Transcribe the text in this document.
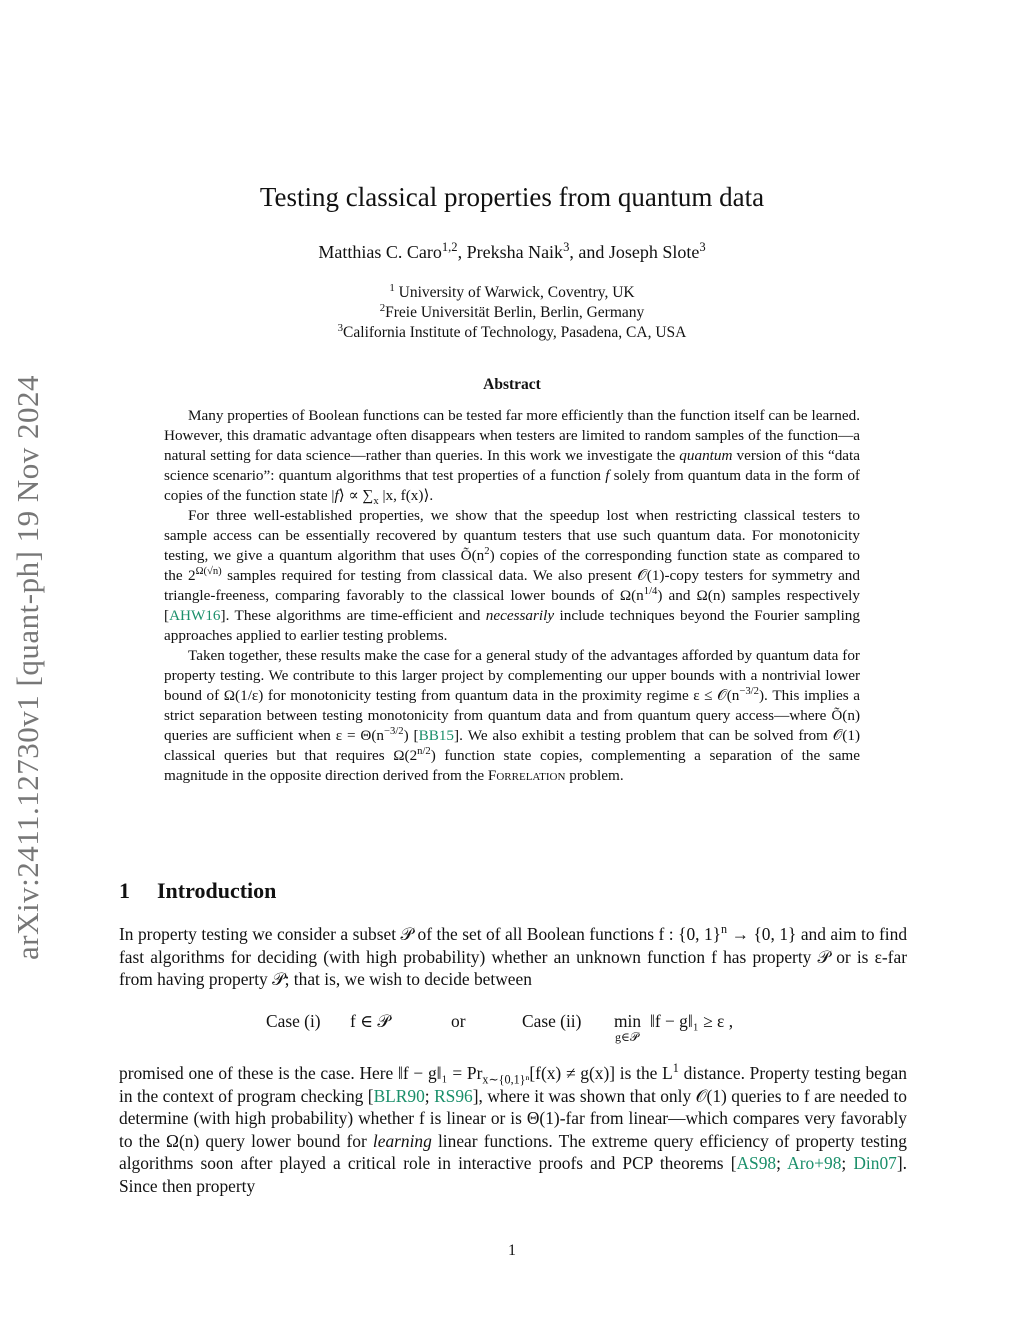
arXiv:2411.12730v1 [quant-ph] 19 Nov 2024
Testing classical properties from quantum data
Matthias C. Caro$^{1,2}$, Preksha Naik$^3$, and Joseph Slote$^3$
$^1$ University of Warwick, Coventry, UK
$^2$Freie Universität Berlin, Berlin, Germany
$^3$California Institute of Technology, Pasadena, CA, USA
Abstract

Many properties of Boolean functions can be tested far more efficiently than the function itself can be learned. However, this dramatic advantage often disappears when testers are limited to random samples of the function—a natural setting for data science—rather than queries. In this work we investigate the quantum version of this “data science scenario”: quantum algorithms that test properties of a function f solely from quantum data in the form of copies of the function state |f⟩ ∝ $\sum_x$ |x, f(x)⟩.

For three well-established properties, we show that the speedup lost when restricting classical testers to sample access can be essentially recovered by quantum testers that use such quantum data. For monotonicity testing, we give a quantum algorithm that uses $Õ(n^2)$ copies of the corresponding function state as compared to the $2^{\Omega(√n)}$ samples required for testing from classical data. We also present 𝒪(1)-copy testers for symmetry and triangle-freeness, comparing favorably to the classical lower bounds of $\Omega(n^{1/4})$ and Ω(n) samples respectively [AHW16]. These algorithms are time-efficient and necessarily include techniques beyond the Fourier sampling approaches applied to earlier testing problems.

Taken together, these results make the case for a general study of the advantages afforded by quantum data for property testing. We contribute to this larger project by complementing our upper bounds with a nontrivial lower bound of Ω(1/ε) for monotonicity testing from quantum data in the proximity regime $\varepsilon \le 𝒪(n^{-3/2})$. This implies a strict separation between testing monotonicity from quantum data and from quantum query access—where Õ(n) queries are sufficient when $\varepsilon = \Theta(n^{-3/2})$ [BB15]. We also exhibit a testing problem that can be solved from 𝒪(1) classical queries but that requires $\Omega(2^{n/2})$ function state copies, complementing a separation of the same magnitude in the opposite direction derived from the Forrelation problem.

1 Introduction
In property testing we consider a subset 𝒫 of the set of all Boolean functions f : {0, 1}$^n$ → {0, 1} and aim to find fast algorithms for deciding (with high probability) whether an unknown function f has property 𝒫 or is ε-far from having property 𝒫; that is, we wish to decide between
Case (i) f ∈ 𝒫	or	Case (ii) min
g∈𝒫
‖f − g‖₁ ≥ ε ,
promised one of these is the case. Here ‖f − g‖₁ = $Pr_{x\sim\{0,1\}^n}[f(x) \ne g(x)]$ is the $L^1$ distance. Property testing began in the context of program checking [BLR90; RS96], where it was shown that only 𝒪(1) queries to f are needed to determine (with high probability) whether f is linear or is Θ(1)-far from linear—which compares very favorably to the Ω(n) query lower bound for learning linear functions. The extreme query efficiency of property testing algorithms soon after played a critical role in interactive proofs and PCP theorems [AS98; Aro+98; Din07]. Since then property
1
